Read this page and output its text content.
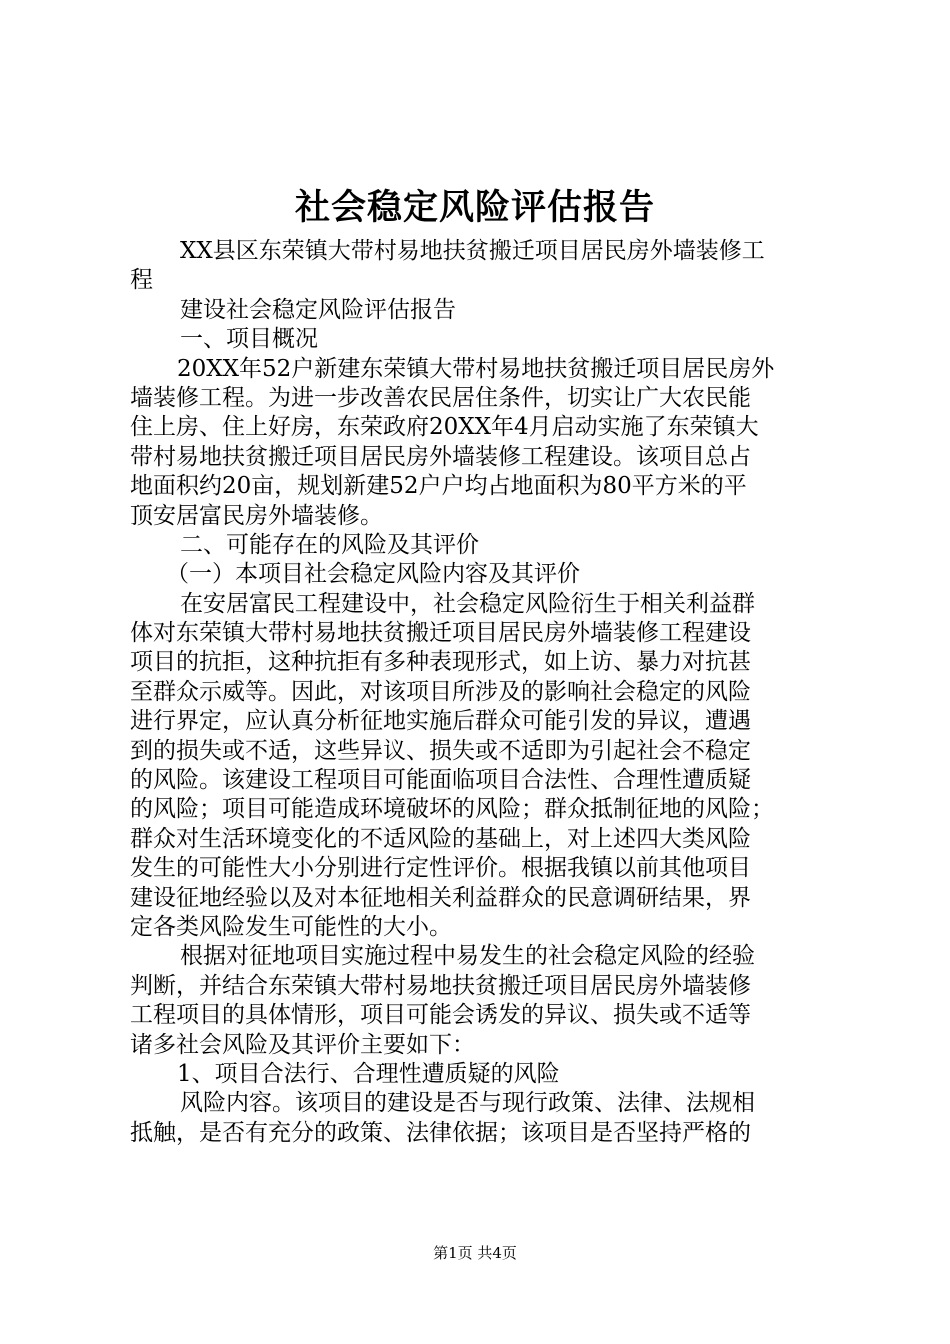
社会稳定风险评估报告
XX县区东荣镇大带村易地扶贫搬迁项目居民房外墙装修工
程
建设社会稳定风险评估报告
一、项目概况
20XX年52户新建东荣镇大带村易地扶贫搬迁项目居民房外
墙装修工程。为进一步改善农民居住条件，切实让广大农民能
住上房、住上好房，东荣政府20XX年4月启动实施了东荣镇大
带村易地扶贫搬迁项目居民房外墙装修工程建设。该项目总占
地面积约20亩，规划新建52户户均占地面积为80平方米的平
顶安居富民房外墙装修。
二、可能存在的风险及其评价
（一）本项目社会稳定风险内容及其评价
在安居富民工程建设中，社会稳定风险衍生于相关利益群
体对东荣镇大带村易地扶贫搬迁项目居民房外墙装修工程建设
项目的抗拒，这种抗拒有多种表现形式，如上访、暴力对抗甚
至群众示威等。因此，对该项目所涉及的影响社会稳定的风险
进行界定，应认真分析征地实施后群众可能引发的异议，遭遇
到的损失或不适，这些异议、损失或不适即为引起社会不稳定
的风险。该建设工程项目可能面临项目合法性、合理性遭质疑
的风险；项目可能造成环境破坏的风险；群众抵制征地的风险；
群众对生活环境变化的不适风险的基础上，对上述四大类风险
发生的可能性大小分别进行定性评价。根据我镇以前其他项目
建设征地经验以及对本征地相关利益群众的民意调研结果，界
定各类风险发生可能性的大小。
根据对征地项目实施过程中易发生的社会稳定风险的经验
判断，并结合东荣镇大带村易地扶贫搬迁项目居民房外墙装修
工程项目的具体情形，项目可能会诱发的异议、损失或不适等
诸多社会风险及其评价主要如下：
1、项目合法行、合理性遭质疑的风险
风险内容。该项目的建设是否与现行政策、法律、法规相
抵触，是否有充分的政策、法律依据；该项目是否坚持严格的
第1页 共4页
